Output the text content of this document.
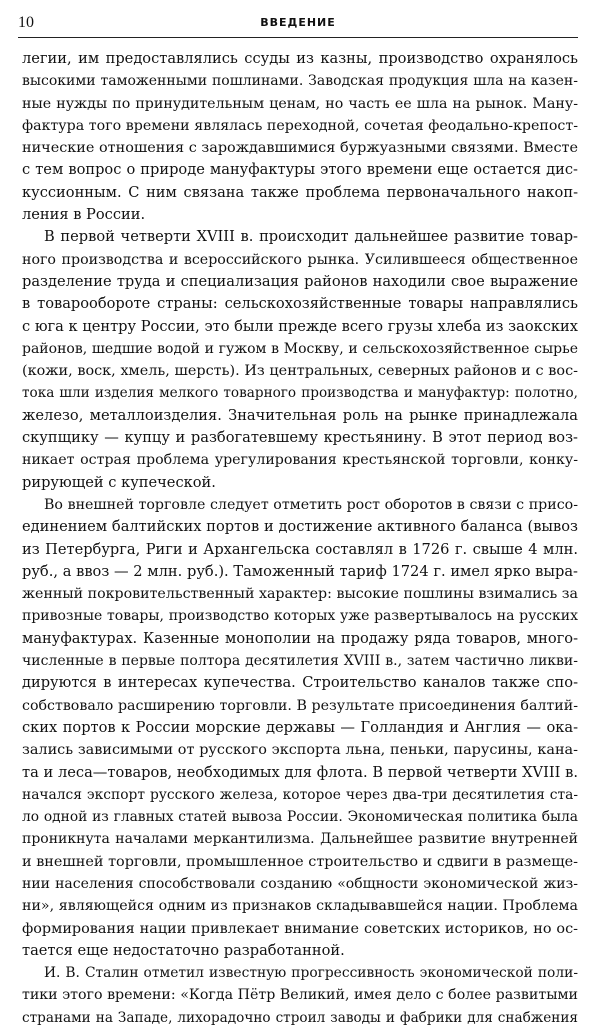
10	ВВЕДЕНИЕ
легии, им предоставлялись ссуды из казны, производство охранялось
высокими таможенными пошлинами. Заводская продукция шла на казен-
ные нужды по принудительным ценам, но часть ее шла на рынок. Ману-
фактура того времени являлась переходной, сочетая феодально-крепост-
нические отношения с зарождавшимися буржуазными связями. Вместе
с тем вопрос о природе мануфактуры этого времени еще остается дис-
куссионным. С ним связана также проблема первоначального накоп-
ления в России.
В первой четверти XVIII в. происходит дальнейшее развитие товар-
ного производства и всероссийского рынка. Усилившееся общественное
разделение труда и специализация районов находили свое выражение
в товарообороте страны: сельскохозяйственные товары направлялись
с юга к центру России, это были прежде всего грузы хлеба из заокских
районов, шедшие водой и гужом в Москву, и сельскохозяйственное сырье
(кожи, воск, хмель, шерсть). Из центральных, северных районов и с вос-
тока шли изделия мелкого товарного производства и мануфактур: полотно,
железо, металлоизделия. Значительная роль на рынке принадлежала
скупщику — купцу и разбогатевшему крестьянину. В этот период воз-
никает острая проблема урегулирования крестьянской торговли, конку-
рирующей с купеческой.
Во внешней торговле следует отметить рост оборотов в связи с присо-
единением балтийских портов и достижение активного баланса (вывоз
из Петербурга, Риги и Архангельска составлял в 1726 г. свыше 4 млн.
руб., а ввоз — 2 млн. руб.). Таможенный тариф 1724 г. имел ярко выра-
женный покровительственный характер: высокие пошлины взимались за
привозные товары, производство которых уже развертывалось на русских
мануфактурах. Казенные монополии на продажу ряда товаров, много-
численные в первые полтора десятилетия XVIII в., затем частично ликви-
дируются в интересах купечества. Строительство каналов также спо-
собствовало расширению торговли. В результате присоединения балтий-
ских портов к России морские державы — Голландия и Англия — ока-
зались зависимыми от русского экспорта льна, пеньки, парусины, кана-
та и леса—товаров, необходимых для флота. В первой четверти XVIII в.
начался экспорт русского железа, которое через два-три десятилетия ста-
ло одной из главных статей вывоза России. Экономическая политика была
проникнута началами меркантилизма. Дальнейшее развитие внутренней
и внешней торговли, промышленное строительство и сдвиги в размеще-
нии населения способствовали созданию «общности экономической жиз-
ни», являющейся одним из признаков складывавшейся нации. Проблема
формирования нации привлекает внимание советских историков, но ос-
тается еще недостаточно разработанной.
И. В. Сталин отметил известную прогрессивность экономической поли-
тики этого времени: «Когда Пётр Великий, имея дело с более развитыми
странами на Западе, лихорадочно строил заводы и фабрики для снабжения
